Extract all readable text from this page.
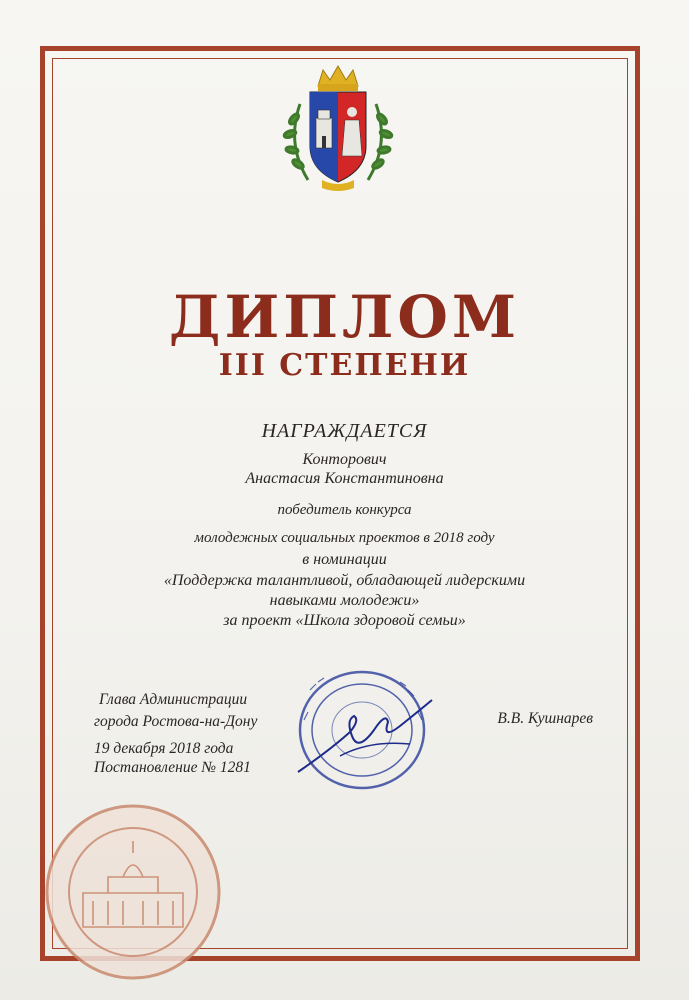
ДИПЛОМ
III СТЕПЕНИ
НАГРАЖДАЕТСЯ
Конторович
Анастасия Константиновна
победитель конкурса
молодежных социальных проектов в 2018 году
в номинации
«Поддержка талантливой, обладающей лидерскими
навыками молодежи»
за проект «Школа здоровой семьи»
Глава Администрации
города Ростова-на-Дону
19 декабря 2018 года
Постановление № 1281
В.В. Кушнарев
